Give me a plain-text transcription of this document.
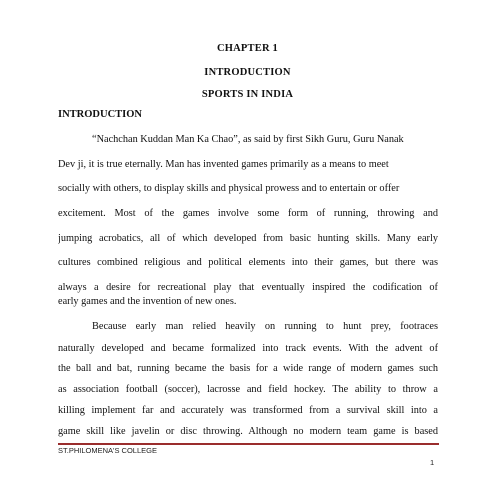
CHAPTER 1
INTRODUCTION
SPORTS IN INDIA
INTRODUCTION
“Nachchan Kuddan Man Ka Chao”, as said by first Sikh Guru, Guru Nanak
Dev ji, it is true eternally. Man has invented games primarily as a means to meet
socially with others, to display skills and physical prowess and to entertain or offer
excitement. Most of the games involve some form of running, throwing and
jumping acrobatics, all of which developed from basic hunting skills. Many early
cultures combined religious and political elements into their games, but there was
always a desire for recreational play that eventually inspired the codification of
early games and the invention of new ones.
Because early man relied heavily on running to hunt prey, footraces
naturally developed and became formalized into track events. With the advent of
the ball and bat, running became the basis for a wide range of modern games such
as association football (soccer), lacrosse and field hockey. The ability to throw a
killing implement far and accurately was transformed from a survival skill into a
game skill like javelin or disc throwing. Although no modern team game is based
ST.PHILOMENA'S COLLEGE
1
